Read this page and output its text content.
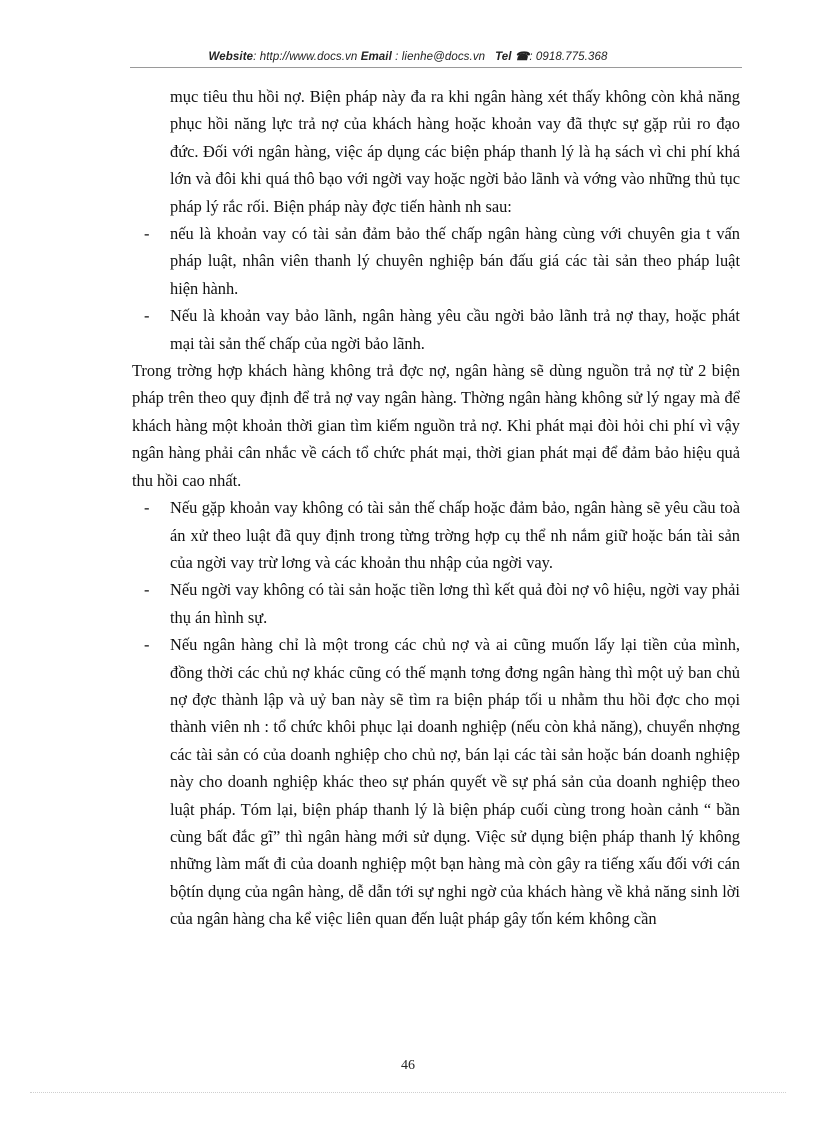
Website: http://www.docs.vn Email : lienhe@docs.vn Tel ☎: 0918.775.368

mục tiêu thu hồi nợ. Biện pháp này đa ra khi ngân hàng xét thấy không còn khả năng phục hồi năng lực trả nợ của khách hàng hoặc khoản vay đã thực sự gặp rủi ro đạo đức. Đối với ngân hàng, việc áp dụng các biện pháp thanh lý là hạ sách vì chi phí khá lớn và đôi khi quá thô bạo với ngời vay hoặc ngời bảo lãnh và vớng vào những thủ tục pháp lý rắc rối. Biện pháp này đợc tiến hành nh sau:

- nếu là khoản vay có tài sản đảm bảo thế chấp ngân hàng cùng với chuyên gia t vấn pháp luật, nhân viên thanh lý chuyên nghiệp bán đấu giá các tài sản theo pháp luật hiện hành.

- Nếu là khoản vay bảo lãnh, ngân hàng yêu cầu ngời bảo lãnh trả nợ thay, hoặc phát mại tài sản thế chấp của ngời bảo lãnh.

Trong trờng hợp khách hàng không trả đợc nợ, ngân hàng sẽ dùng nguồn trả nợ từ 2 biện pháp trên theo quy định để trả nợ vay ngân hàng. Thờng ngân hàng không sử lý ngay mà để khách hàng một khoản thời gian tìm kiếm nguồn trả nợ. Khi phát mại đòi hỏi chi phí vì vậy ngân hàng phải cân nhắc về cách tổ chức phát mại, thời gian phát mại để đảm bảo hiệu quả thu hồi cao nhất.

- Nếu gặp khoản vay không có tài sản thế chấp hoặc đảm bảo, ngân hàng sẽ yêu cầu toà án xử theo luật đã quy định trong từng trờng hợp cụ thể nh nắm giữ hoặc bán tài sản của ngời vay trừ lơng và các khoản thu nhập của ngời vay.

- Nếu ngời vay không có tài sản hoặc tiền lơng thì kết quả đòi nợ vô hiệu, ngời vay phải thụ án hình sự.

- Nếu ngân hàng chỉ là một trong các chủ nợ và ai cũng muốn lấy lại tiền của mình, đồng thời các chủ nợ khác cũng có thế mạnh tơng đơng ngân hàng thì một uỷ ban chủ nợ đợc thành lập và uỷ ban này sẽ tìm ra biện pháp tối u nhằm thu hồi đợc cho mọi thành viên nh : tổ chức khôi phục lại doanh nghiệp (nếu còn khả năng), chuyển nhợng các tài sản có của doanh nghiệp cho chủ nợ, bán lại các tài sản hoặc bán doanh nghiệp này cho doanh nghiệp khác theo sự phán quyết về sự phá sản của doanh nghiệp theo luật pháp. Tóm lại, biện pháp thanh lý là biện pháp cuối cùng trong hoàn cảnh “ bần cùng bất đắc gĩ” thì ngân hàng mới sử dụng. Việc sử dụng biện pháp thanh lý không những làm mất đi của doanh nghiệp một bạn hàng mà còn gây ra tiếng xấu đối với cán bộtín dụng của ngân hàng, dễ dẫn tới sự nghi ngờ của khách hàng về khả năng sinh lời của ngân hàng cha kể việc liên quan đến luật pháp gây tốn kém không cần

46
